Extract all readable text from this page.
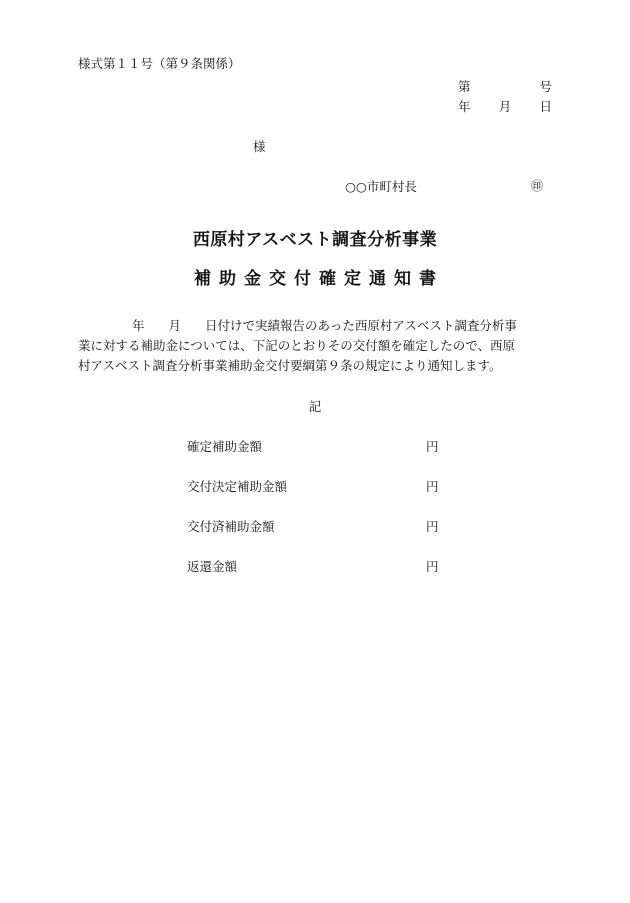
様式第１１号（第９条関係）
第	号
年 月 日
様
○○市町村長	㊞
西原村アスベスト調査分析事業
補助金交付確定通知書
年 月 日付けで実績報告のあった西原村アスベスト調査分析事
業に対する補助金については、下記のとおりその交付額を確定したので、西原
村アスベスト調査分析事業補助金交付要綱第９条の規定により通知します。
記
確定補助金額	円
交付決定補助金額	円
交付済補助金額	円
返還金額	円
